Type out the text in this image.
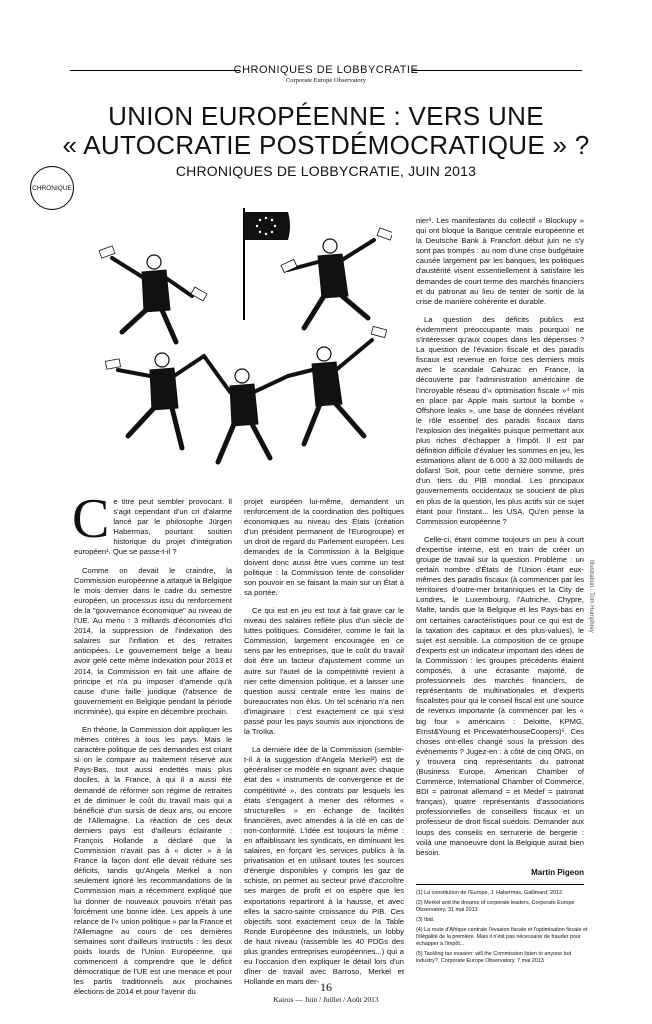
CHRONIQUES DE LOBBYCRATIE
Corporate Europe Observatory
UNION EUROPÉENNE : VERS UNE
« AUTOCRATIE POSTDÉMOCRATIQUE » ?
CHRONIQUES DE LOBBYCRATIE, JUIN 2013
CHRONIQUE
Illustration : Tom Humphrey

Ce titre peut sembler provocant. Il s'agit cependant d'un cri d'alarme lancé par le philosophe Jürgen Habermas, pourtant soutien historique du projet d'intégration européen¹. Que se passe-t-il ?

Comme on devait le craindre, la Commission européenne a attaqué la Belgique le mois dernier dans le cadre du semestre européen, un processus issu du renforcement de la "gouvernance économique" au niveau de l'UE. Au menu : 3 milliards d'économies d'ici 2014, la suppression de l'indexation des salaires sur l'inflation et des retraites anticipées. Le gouvernement belge a beau avoir gelé cette même indexation pour 2013 et 2014, la Commission en fait une affaire de principe et n'a pu imposer d'amende qu'à cause d'une faille juridique (l'absence de gouvernement en Belgique pendant la période incriminée), qui expire en décembre prochain.

En théorie, la Commission doit appliquer les mêmes critères à tous les pays. Mais le caractère politique de ces demandes est criant si on le compare au traitement réservé aux Pays-Bas, tout aussi endettés mais plus dociles, à la France, à qui il a aussi été demandé de réformer son régime de retraites et de diminuer le coût du travail mais qui a bénéficié d'un sursis de deux ans, ou encore de l'Allemagne. La réaction de ces deux derniers pays est d'ailleurs éclairante : François Hollande a déclaré que la Commission n'avait pas à « dicter » à la France la façon dont elle devait réduire ses déficits, tandis qu'Angela Merkel a non seulement ignoré les recommandations de la Commission mais a récemment expliqué que lui donner de nouveaux pouvoirs n'était pas forcément une bonne idée. Les appels à une relance de l'« union politique » par la France et l'Allemagne au cours de ces dernières semaines sont d'ailleurs instructifs : les deux poids lourds de l'Union Européenne, qui commencent à comprendre que le déficit démocratique de l'UE est une menace et pour les partis traditionnels aux prochaines élections de 2014 et pour l'avenir du

projet européen lui-même, demandent un renforcement de la coordination des politiques économiques au niveau des États (création d'un président permanent de l'Eurogroupe) et un droit de regard du Parlement européen. Les demandes de la Commission à la Belgique doivent donc aussi être vues comme un test politique : la Commission tente de consolider son pouvoir en se faisant la main sur un État à sa portée.

Ce qui est en jeu est tout à fait grave car le niveau des salaires reflète plus d'un siècle de luttes politiques. Considérer, comme le fait la Commission, largement encouragée en ce sens par les entreprises, que le coût du travail doit être un facteur d'ajustement comme un autre sur l'autel de la compétitivité revient à nier cette dimension politique, et à laisser une question aussi centrale entre les mains de bureaucrates non élus. Un tel scénario n'a rien d'imaginaire : c'est exactement ce qui s'est passé pour les pays soumis aux injonctions de la Troïka.

La dernière idée de la Commission (semble-t-il à la suggestion d'Angela Merkel²) est de généraliser ce modèle en signant avec chaque état des « instruments de convergence et de compétitivité », des contrats par lesquels les états s'engagent à mener des réformes « structurelles » en échange de facilités financières, avec amendes à la clé en cas de non-conformité. L'idée est toujours la même : en affaiblissant les syndicats, en diminuant les salaires, en forçant les services publics à la privatisation et en utilisant toutes les sources d'énergie disponibles y compris les gaz de schiste, on permet au secteur privé d'accroître ses marges de profit et on espère que les exportations repartiront à la hausse, et avec elles la sacro-sainte croissance du PIB. Ces objectifs sont exactement ceux de la Table Ronde Européenne des Industriels, un lobby de haut niveau (rassemble les 40 PDGs des plus grandes entreprises européennes...) qui a eu l'occasion d'en expliquer le détail lors d'un dîner de travail avec Barroso, Merkel et Hollande en mars der-

nier³. Les manifestants du collectif « Blockupy » qui ont bloqué la Banque centrale européenne et la Deutsche Bank à Francfort début juin ne s'y sont pas trompés : au nom d'une crise budgétaire causée largement par les banques, les politiques d'austérité visent essentiellement à satisfaire les demandes de court terme des marchés financiers et du patronat au lieu de tenter de sortir de la crise de manière cohérente et durable.

La question des déficits publics est évidemment préoccupante mais pourquoi ne s'intéresser qu'aux coupes dans les dépenses ? La question de l'évasion fiscale et des paradis fiscaux est revenue en force ces derniers mois avec le scandale Cahuzac en France, la découverte par l'administration américaine de l'incroyable réseau d'« optimisation fiscale »⁴ mis en place par Apple mais surtout la bombe « Offshore leaks », une base de données révélant le rôle essentiel des paradis fiscaux dans l'explosion des inégalités puisque permettant aux plus riches d'échapper à l'impôt. Il est par définition difficile d'évaluer les sommes en jeu, les estimations allant de 6.000 à 32.000 milliards de dollars! Soit, pour cette dernière somme, près d'un tiers du PIB mondial. Les principaux gouvernements occidentaux se soucient de plus en plus de la question, les plus actifs sur ce sujet étant pour l'instant... les USA. Qu'en pense la Commission européenne ?

Celle-ci, étant comme toujours un peu à court d'expertise interne, est en train de créer un groupe de travail sur la question. Problème : un certain nombre d'États de l'Union étant eux-mêmes des paradis fiscaux (à commencer par les territoires d'outre-mer britanniques et la City de Londres, le Luxembourg, l'Autriche, Chypre, Malte, tandis que la Belgique et les Pays-bas en ont certaines caractéristiques pour ce qui est de la taxation des capitaux et des plus-values), le sujet est sensible. La composition de ce groupe d'experts est un indicateur important des idées de la Commission : les groupes précédents étaient composés, à une écrasante majorité, de professionnels des marchés financiers, de représentants de multinationales et d'experts fiscalistes pour qui le conseil fiscal est une source de revenus importante (à commencer par les « big four » américains : Deloitte, KPMG, Ernst&Young et PricewaterhouseCoopers)⁵. Ces choses ont-elles changé sous la pression des événements ? Jugez-en : à côté de cinq ONG, on y trouvera cinq représentants du patronat (Business Europe, American Chamber of Commerce, International Chamber of Commerce, BDI = patronat allemand = et Medef = patronat français), quatre représentants d'associations professionnelles de conseillers fiscaux et un professeur de droit fiscal suédois. Demander aux loups des conseils en serrurerie de bergerie : voilà une manoeuvre dont la Belgique aurait bien besoin.

Martin Pigeon
(1) La constitution de l'Europe, J. Habermas, Gallimard, 2012
(2) Merkel and the dreams of corporate leaders, Corporate Europe Observatory, 31 mai 2013
(3) Ibid.
(4) La route d'Afrique centrale l'évasion fiscale et l'optimisation fiscale et l'illégalité de la première. Mais il n'est pas nécessaire de frauder pour échapper à l'impôt...
(5) Tackling tax evasion: will the Commission listen to anyone but industry?, Corporate Europe Observatory, 7 mai 2013
16
Kairos — Juin / Juillet / Août 2013
